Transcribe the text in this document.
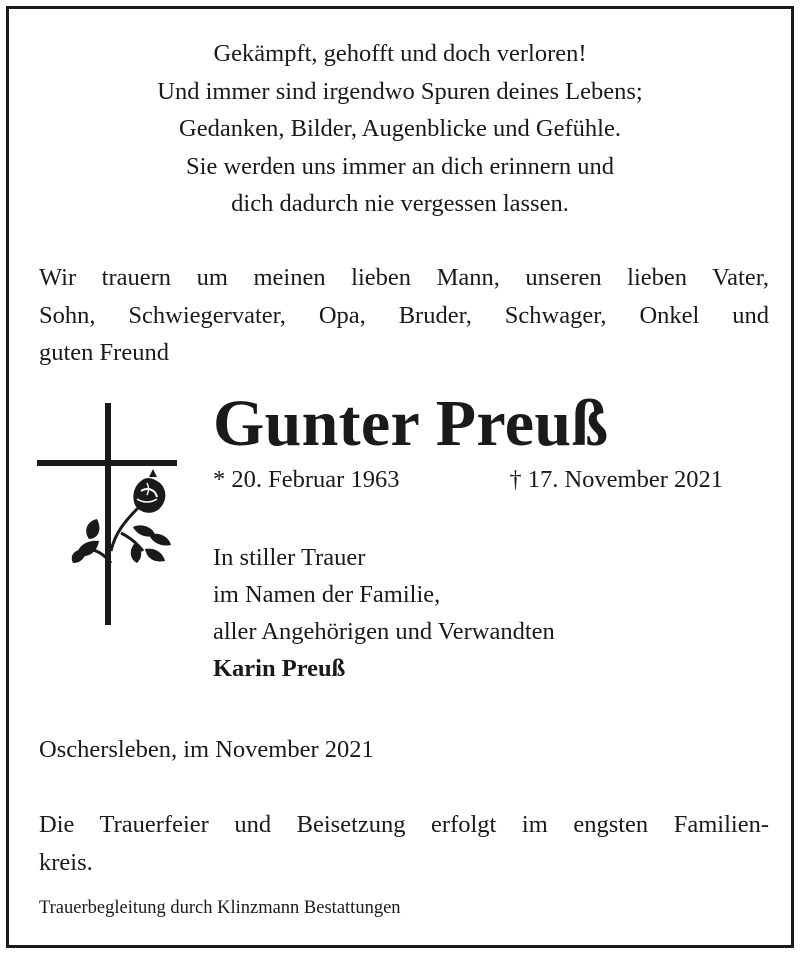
Gekämpft, gehofft und doch verloren!
Und immer sind irgendwo Spuren deines Lebens;
Gedanken, Bilder, Augenblicke und Gefühle.
Sie werden uns immer an dich erinnern und
dich dadurch nie vergessen lassen.
Wir trauern um meinen lieben Mann, unseren lieben Vater,
Sohn, Schwiegervater, Opa, Bruder, Schwager, Onkel und
guten Freund
Gunter Preuß
* 20. Februar 1963	† 17. November 2021
In stiller Trauer
im Namen der Familie,
aller Angehörigen und Verwandten
Karin Preuß
Oschersleben, im November 2021
Die Trauerfeier und Beisetzung erfolgt im engsten Familien-
kreis.
Trauerbegleitung durch Klinzmann Bestattungen
